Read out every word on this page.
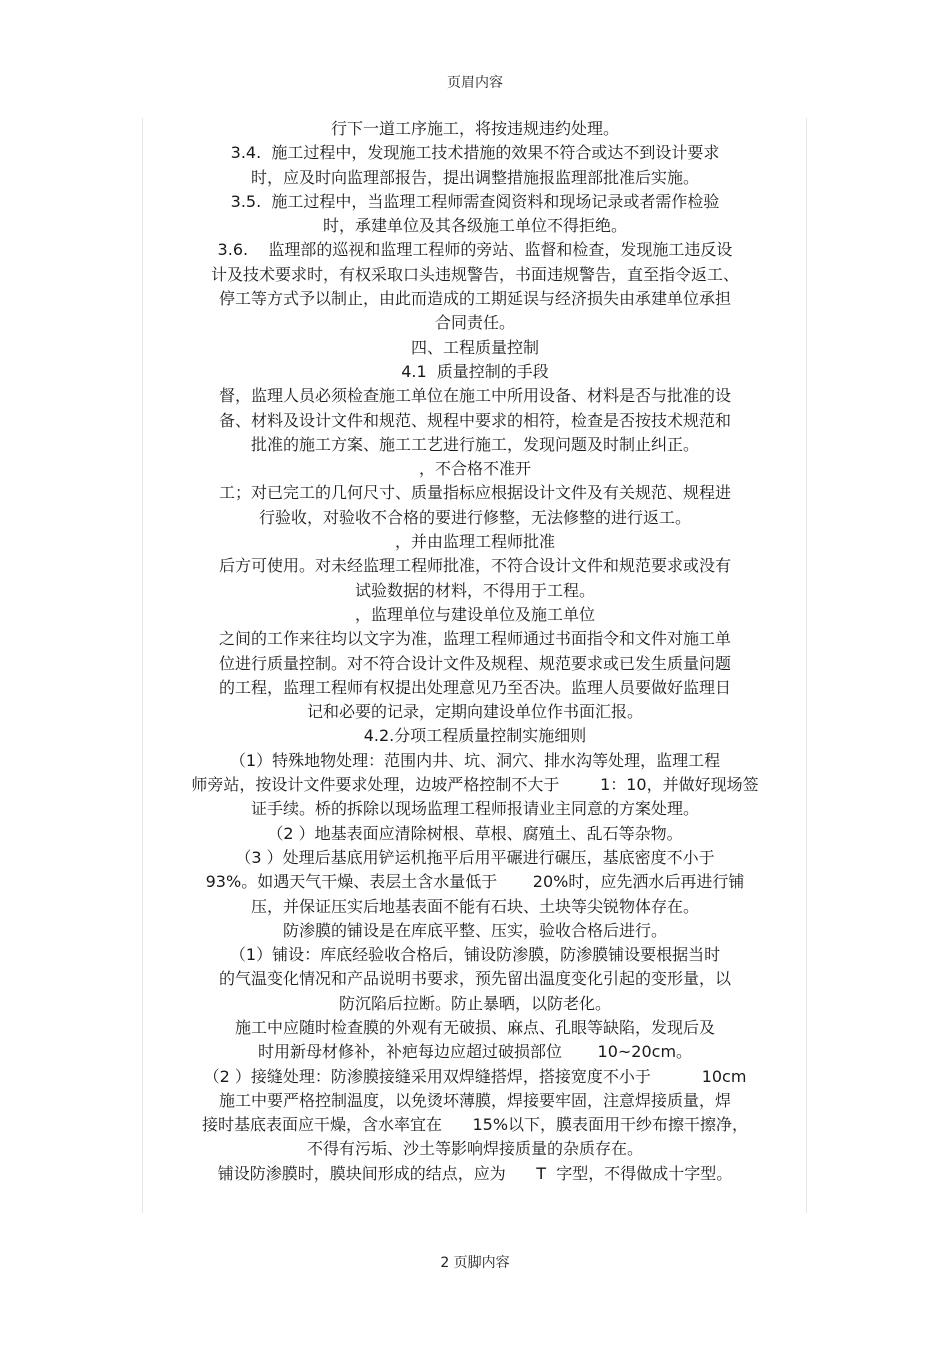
页眉内容
行下一道工序施工，将按违规违约处理。
3.4.  施工过程中，发现施工技术措施的效果不符合或达不到设计要求
时，应及时向监理部报告，提出调整措施报监理部批准后实施。
3.5.  施工过程中，当监理工程师需查阅资料和现场记录或者需作检验
时，承建单位及其各级施工单位不得拒绝。
3.6.    监理部的巡视和监理工程师的旁站、监督和检查，发现施工违反设
计及技术要求时，有权采取口头违规警告，书面违规警告，直至指令返工、
停工等方式予以制止，由此而造成的工期延误与经济损失由承建单位承担
合同责任。
四、工程质量控制
4.1  质量控制的手段
督，监理人员必须检查施工单位在施工中所用设备、材料是否与批准的设
备、材料及设计文件和规范、规程中要求的相符，检查是否按技术规范和
批准的施工方案、施工工艺进行施工，发现问题及时制止纠正。
，不合格不准开
工；对已完工的几何尺寸、质量指标应根据设计文件及有关规范、规程进
行验收，对验收不合格的要进行修整，无法修整的进行返工。
，并由监理工程师批准
后方可使用。对未经监理工程师批准，不符合设计文件和规范要求或没有
试验数据的材料，不得用于工程。
，监理单位与建设单位及施工单位
之间的工作来往均以文字为准，监理工程师通过书面指令和文件对施工单
位进行质量控制。对不符合设计文件及规程、规范要求或已发生质量问题
的工程，监理工程师有权提出处理意见乃至否决。监理人员要做好监理日
记和必要的记录，定期向建设单位作书面汇报。
4.2.分项工程质量控制实施细则
（1）特殊地物处理：范围内井、坑、洞穴、排水沟等处理，监理工程
师旁站，按设计文件要求处理，边坡严格控制不大于        1：10，并做好现场签
证手续。桥的拆除以现场监理工程师报请业主同意的方案处理。
（2 ）地基表面应清除树根、草根、腐殖土、乱石等杂物。
（3 ）处理后基底用铲运机拖平后用平碾进行碾压，基底密度不小于
93%。如遇天气干燥、表层土含水量低于       20%时，应先洒水后再进行铺
压，并保证压实后地基表面不能有石块、土块等尖锐物体存在。
防渗膜的铺设是在库底平整、压实，验收合格后进行。
（1）铺设：库底经验收合格后，铺设防渗膜，防渗膜铺设要根据当时
的气温变化情况和产品说明书要求，预先留出温度变化引起的变形量，以
防沉陷后拉断。防止暴晒，以防老化。
施工中应随时检查膜的外观有无破损、麻点、孔眼等缺陷，发现后及
时用新母材修补，补疤每边应超过破损部位       10~20cm。
（2 ）接缝处理：防渗膜接缝采用双焊缝搭焊，搭接宽度不小于          10cm
施工中要严格控制温度，以免烫坏薄膜，焊接要牢固，注意焊接质量，焊
接时基底表面应干燥，含水率宜在      15%以下，膜表面用干纱布擦干擦净，
不得有污垢、沙土等影响焊接质量的杂质存在。
铺设防渗膜时，膜块间形成的结点，应为      T  字型，不得做成十字型。
2 页脚内容
